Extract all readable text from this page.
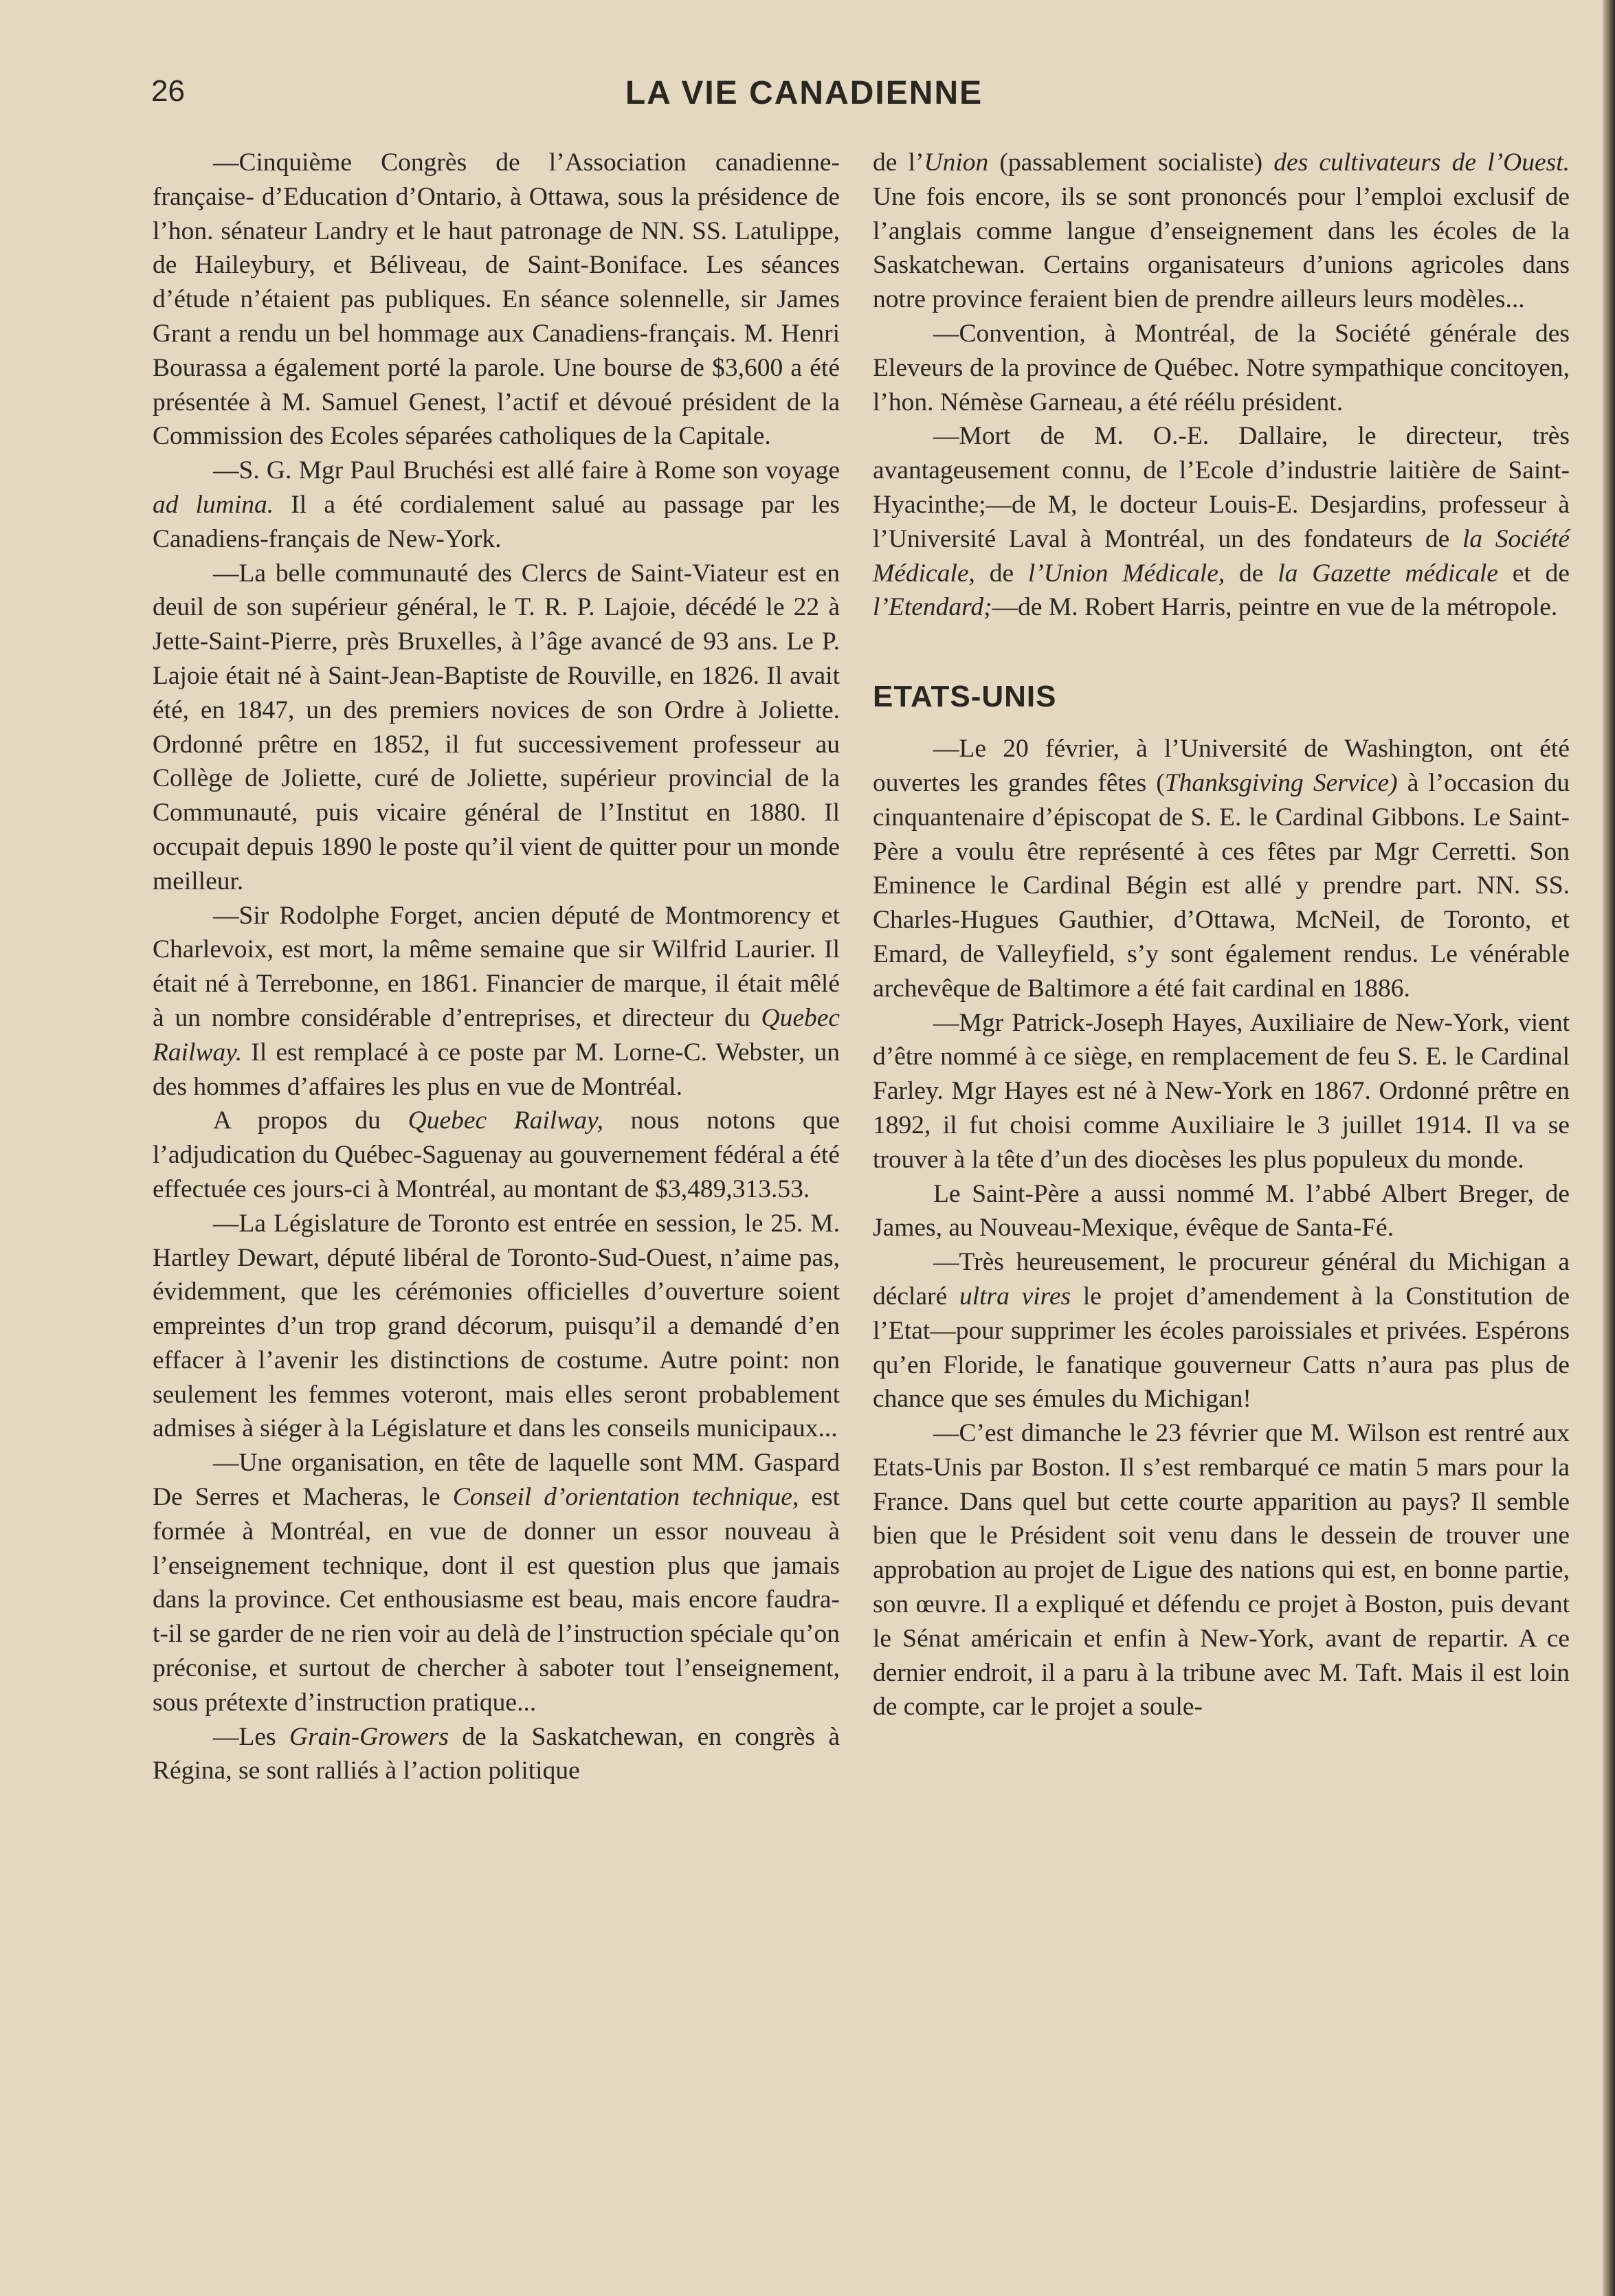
26	LA VIE CANADIENNE

—Cinquième Congrès de l’Association canadienne-française- d’Education d’Ontario, à Ottawa, sous la présidence de l’hon. sénateur Landry et le haut patronage de NN. SS. Latulippe, de Haileybury, et Béliveau, de Saint-Boniface. Les séances d’étude n’étaient pas publiques. En séance solennelle, sir James Grant a rendu un bel hommage aux Canadiens-français. M. Henri Bourassa a également porté la parole. Une bourse de $3,600 a été présentée à M. Samuel Genest, l’actif et dévoué président de la Commission des Ecoles séparées catholiques de la Capitale.

—S. G. Mgr Paul Bruchési est allé faire à Rome son voyage ad lumina. Il a été cordialement salué au passage par les Canadiens-français de New-York.

—La belle communauté des Clercs de Saint-Viateur est en deuil de son supérieur général, le T. R. P. Lajoie, décédé le 22 à Jette-Saint-Pierre, près Bruxelles, à l’âge avancé de 93 ans. Le P. Lajoie était né à Saint-Jean-Baptiste de Rouville, en 1826. Il avait été, en 1847, un des premiers novices de son Ordre à Joliette. Ordonné prêtre en 1852, il fut successivement professeur au Collège de Joliette, curé de Joliette, supérieur provincial de la Communauté, puis vicaire général de l’Institut en 1880. Il occupait depuis 1890 le poste qu’il vient de quitter pour un monde meilleur.

—Sir Rodolphe Forget, ancien député de Montmorency et Charlevoix, est mort, la même semaine que sir Wilfrid Laurier. Il était né à Terrebonne, en 1861. Financier de marque, il était mêlé à un nombre considérable d’entreprises, et directeur du Quebec Railway. Il est remplacé à ce poste par M. Lorne-C. Webster, un des hommes d’affaires les plus en vue de Montréal.

A propos du Quebec Railway, nous notons que l’adjudication du Québec-Saguenay au gouvernement fédéral a été effectuée ces jours-ci à Montréal, au montant de $3,489,313.53.

—La Législature de Toronto est entrée en session, le 25. M. Hartley Dewart, député libéral de Toronto-Sud-Ouest, n’aime pas, évidemment, que les cérémonies officielles d’ouverture soient empreintes d’un trop grand décorum, puisqu’il a demandé d’en effacer à l’avenir les distinctions de costume. Autre point: non seulement les femmes voteront, mais elles seront probablement admises à siéger à la Législature et dans les conseils municipaux...

—Une organisation, en tête de laquelle sont MM. Gaspard De Serres et Macheras, le Conseil d’orientation technique, est formée à Montréal, en vue de donner un essor nouveau à l’enseignement technique, dont il est question plus que jamais dans la province. Cet enthousiasme est beau, mais encore faudra-t-il se garder de ne rien voir au delà de l’instruction spéciale qu’on préconise, et surtout de chercher à saboter tout l’enseignement, sous prétexte d’instruction pratique...

—Les Grain-Growers de la Saskatchewan, en congrès à Régina, se sont ralliés à l’action politique

de l’Union (passablement socialiste) des cultivateurs de l’Ouest. Une fois encore, ils se sont prononcés pour l’emploi exclusif de l’anglais comme langue d’enseignement dans les écoles de la Saskatchewan. Certains organisateurs d’unions agricoles dans notre province feraient bien de prendre ailleurs leurs modèles...

—Convention, à Montréal, de la Société générale des Eleveurs de la province de Québec. Notre sympathique concitoyen, l’hon. Némèse Garneau, a été réélu président.

—Mort de M. O.-E. Dallaire, le directeur, très avantageusement connu, de l’Ecole d’industrie laitière de Saint-Hyacinthe;—de M, le docteur Louis-E. Desjardins, professeur à l’Université Laval à Montréal, un des fondateurs de la Société Médicale, de l’Union Médicale, de la Gazette médicale et de l’Etendard;—de M. Robert Harris, peintre en vue de la métropole.

ETATS-UNIS

—Le 20 février, à l’Université de Washington, ont été ouvertes les grandes fêtes (Thanksgiving Service) à l’occasion du cinquantenaire d’épiscopat de S. E. le Cardinal Gibbons. Le Saint-Père a voulu être représenté à ces fêtes par Mgr Cerretti. Son Eminence le Cardinal Bégin est allé y prendre part. NN. SS. Charles-Hugues Gauthier, d’Ottawa, McNeil, de Toronto, et Emard, de Valleyfield, s’y sont également rendus. Le vénérable archevêque de Baltimore a été fait cardinal en 1886.

—Mgr Patrick-Joseph Hayes, Auxiliaire de New-York, vient d’être nommé à ce siège, en remplacement de feu S. E. le Cardinal Farley. Mgr Hayes est né à New-York en 1867. Ordonné prêtre en 1892, il fut choisi comme Auxiliaire le 3 juillet 1914. Il va se trouver à la tête d’un des diocèses les plus populeux du monde.

Le Saint-Père a aussi nommé M. l’abbé Albert Breger, de James, au Nouveau-Mexique, évêque de Santa-Fé.

—Très heureusement, le procureur général du Michigan a déclaré ultra vires le projet d’amendement à la Constitution de l’Etat—pour supprimer les écoles paroissiales et privées. Espérons qu’en Floride, le fanatique gouverneur Catts n’aura pas plus de chance que ses émules du Michigan!

—C’est dimanche le 23 février que M. Wilson est rentré aux Etats-Unis par Boston. Il s’est rembarqué ce matin 5 mars pour la France. Dans quel but cette courte apparition au pays? Il semble bien que le Président soit venu dans le dessein de trouver une approbation au projet de Ligue des nations qui est, en bonne partie, son œuvre. Il a expliqué et défendu ce projet à Boston, puis devant le Sénat américain et enfin à New-York, avant de repartir. A ce dernier endroit, il a paru à la tribune avec M. Taft. Mais il est loin de compte, car le projet a soule-
